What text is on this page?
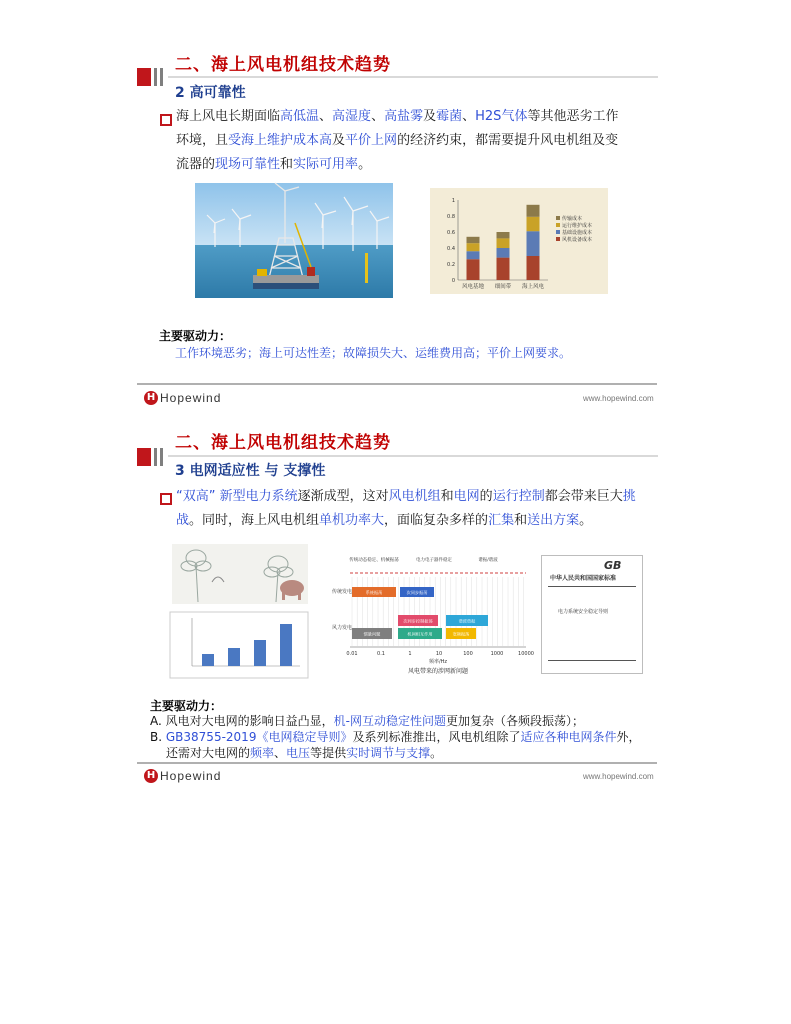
二、海上风电机组技术趋势
2 高可靠性
海上风电长期面临高低温、高湿度、高盐雾及霉菌、H2S气体等其他恶劣工作环境，且受海上维护成本高及平价上网的经济约束，都需要提升风电机组及变流器的现场可靠性和实际可用率。
0
0.2
0.4
0.6
0.8
1
风电基地 细间带 海上风电
传输成本
运行维护成本
基础设施成本
风机设备成本
主要驱动力：
工作环境恶劣；海上可达性差；故障损失大、运维费用高；平价上网要求。
H Hopewind	www.hopewind.com
二、海上风电机组技术趋势
3 电网适应性 与 支撑性
“双高” 新型电力系统逐渐成型，这对风电机组和电网的运行控制都会带来巨大挑战。同时，海上风电机组单机功率大，面临复杂多样的汇集和送出方案。
传统动态稳定、机械振荡	电力电子器件稳定	谐振/谐波
传统发电
风力发电
系统振荡	次同步振荡
惯量问题	机网相互作用
次同步控制振荡	谐波谐振
宽频振荡
0.01	0.1	1	10	100	1000	10000
频率/Hz
风电带来的涉网新问题
GB
中华人民共和国国家标准
电力系统安全稳定导则
主要驱动力：
A. 风电对大电网的影响日益凸显，机-网互动稳定性问题更加复杂（各频段振荡）；
B. GB38755-2019《电网稳定导则》及系列标准推出，风电机组除了适应各种电网条件外，
还需对大电网的频率、电压等提供实时调节与支撑。
H Hopewind	www.hopewind.com
